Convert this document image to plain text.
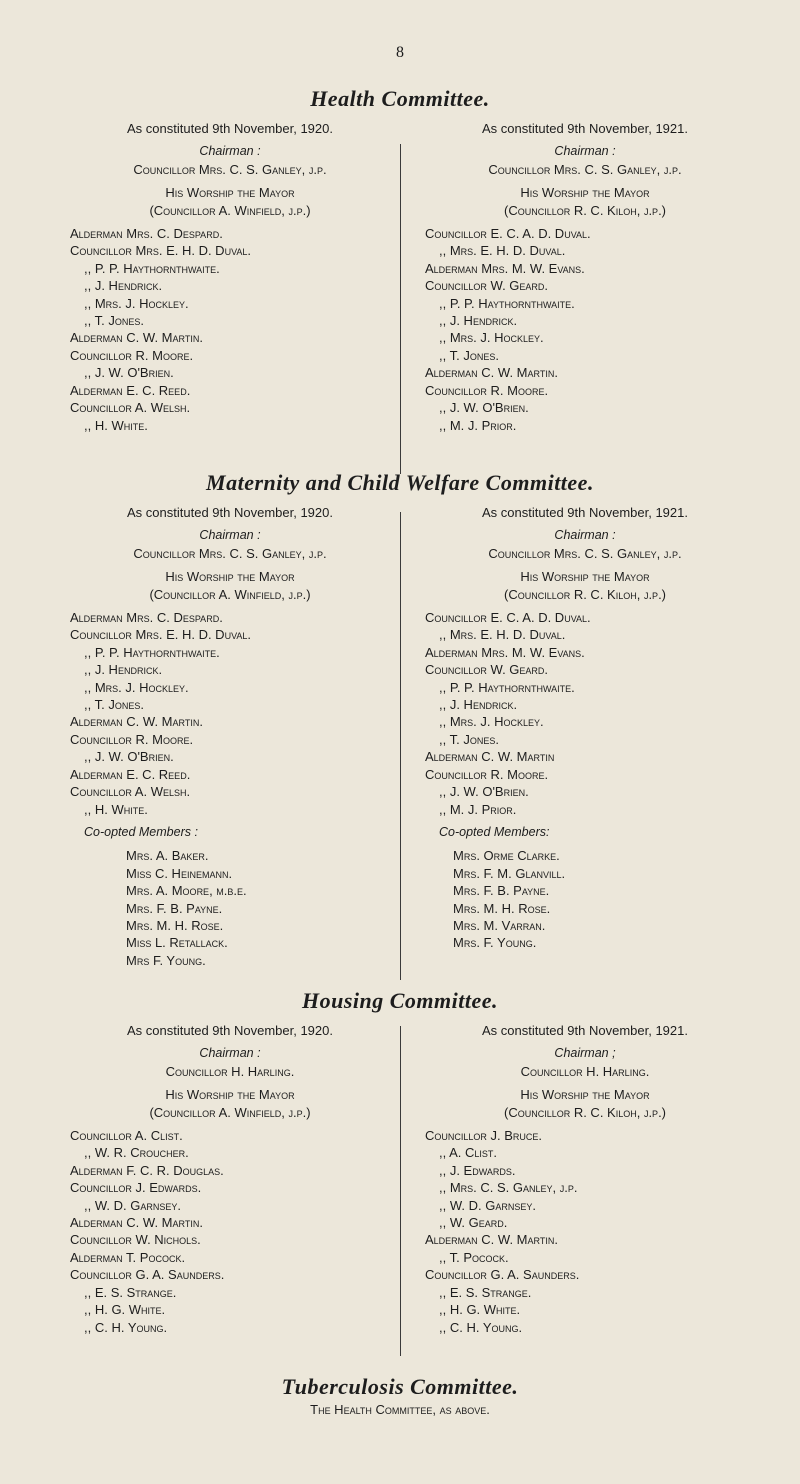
8
Health Committee.
As constituted 9th November, 1920.
Chairman :
Councillor Mrs. C. S. Ganley, j.p.
His Worship the Mayor
(Councillor A. Winfield, j.p.)
Alderman Mrs. C. Despard.
Councillor Mrs. E. H. D. Duval.
,, P. P. Haythornthwaite.
,, J. Hendrick.
,, Mrs. J. Hockley.
,, T. Jones.
Alderman C. W. Martin.
Councillor R. Moore.
,, J. W. O'Brien.
Alderman E. C. Reed.
Councillor A. Welsh.
,, H. White.
As constituted 9th November, 1921.
Chairman :
Councillor Mrs. C. S. Ganley, j.p.
His Worship the Mayor
(Councillor R. C. Kiloh, j.p.)
Councillor E. C. A. D. Duval.
,, Mrs. E. H. D. Duval.
Alderman Mrs. M. W. Evans.
Councillor W. Geard.
,, P. P. Haythornthwaite.
,, J. Hendrick.
,, Mrs. J. Hockley.
,, T. Jones.
Alderman C. W. Martin.
Councillor R. Moore.
,, J. W. O'Brien.
,, M. J. Prior.
Maternity and Child Welfare Committee.
As constituted 9th November, 1920.
Chairman :
Councillor Mrs. C. S. Ganley, j.p.
His Worship the Mayor
(Councillor A. Winfield, j.p.)
Alderman Mrs. C. Despard.
Councillor Mrs. E. H. D. Duval.
,, P. P. Haythornthwaite.
,, J. Hendrick.
,, Mrs. J. Hockley.
,, T. Jones.
Alderman C. W. Martin.
Councillor R. Moore.
,, J. W. O'Brien.
Alderman E. C. Reed.
Councillor A. Welsh.
,, H. White.
Co-opted Members :
Mrs. A. Baker.
Miss C. Heinemann.
Mrs. A. Moore, m.b.e.
Mrs. F. B. Payne.
Mrs. M. H. Rose.
Miss L. Retallack.
Mrs F. Young.
As constituted 9th November, 1921.
Chairman :
Councillor Mrs. C. S. Ganley, j.p.
His Worship the Mayor
(Councillor R. C. Kiloh, j.p.)
Councillor E. C. A. D. Duval.
,, Mrs. E. H. D. Duval.
Alderman Mrs. M. W. Evans.
Councillor W. Geard.
,, P. P. Haythornthwaite.
,, J. Hendrick.
,, Mrs. J. Hockley.
,, T. Jones.
Alderman C. W. Martin
Councillor R. Moore.
,, J. W. O'Brien.
,, M. J. Prior.
Co-opted Members:
Mrs. Orme Clarke.
Mrs. F. M. Glanvill.
Mrs. F. B. Payne.
Mrs. M. H. Rose.
Mrs. M. Varran.
Mrs. F. Young.
Housing Committee.
As constituted 9th November, 1920.
Chairman :
Councillor H. Harling.
His Worship the Mayor
(Councillor A. Winfield, j.p.)
Councillor A. Clist.
,, W. R. Croucher.
Alderman F. C. R. Douglas.
Councillor J. Edwards.
,, W. D. Garnsey.
Alderman C. W. Martin.
Councillor W. Nichols.
Alderman T. Pocock.
Councillor G. A. Saunders.
,, E. S. Strange.
,, H. G. White.
,, C. H. Young.
As constituted 9th November, 1921.
Chairman ;
Councillor H. Harling.
His Worship the Mayor
(Councillor R. C. Kiloh, j.p.)
Councillor J. Bruce.
,, A. Clist.
,, J. Edwards.
,, Mrs. C. S. Ganley, j.p.
,, W. D. Garnsey.
,, W. Geard.
Alderman C. W. Martin.
,, T. Pocock.
Councillor G. A. Saunders.
,, E. S. Strange.
,, H. G. White.
,, C. H. Young.
Tuberculosis Committee.
The Health Committee, as above.
